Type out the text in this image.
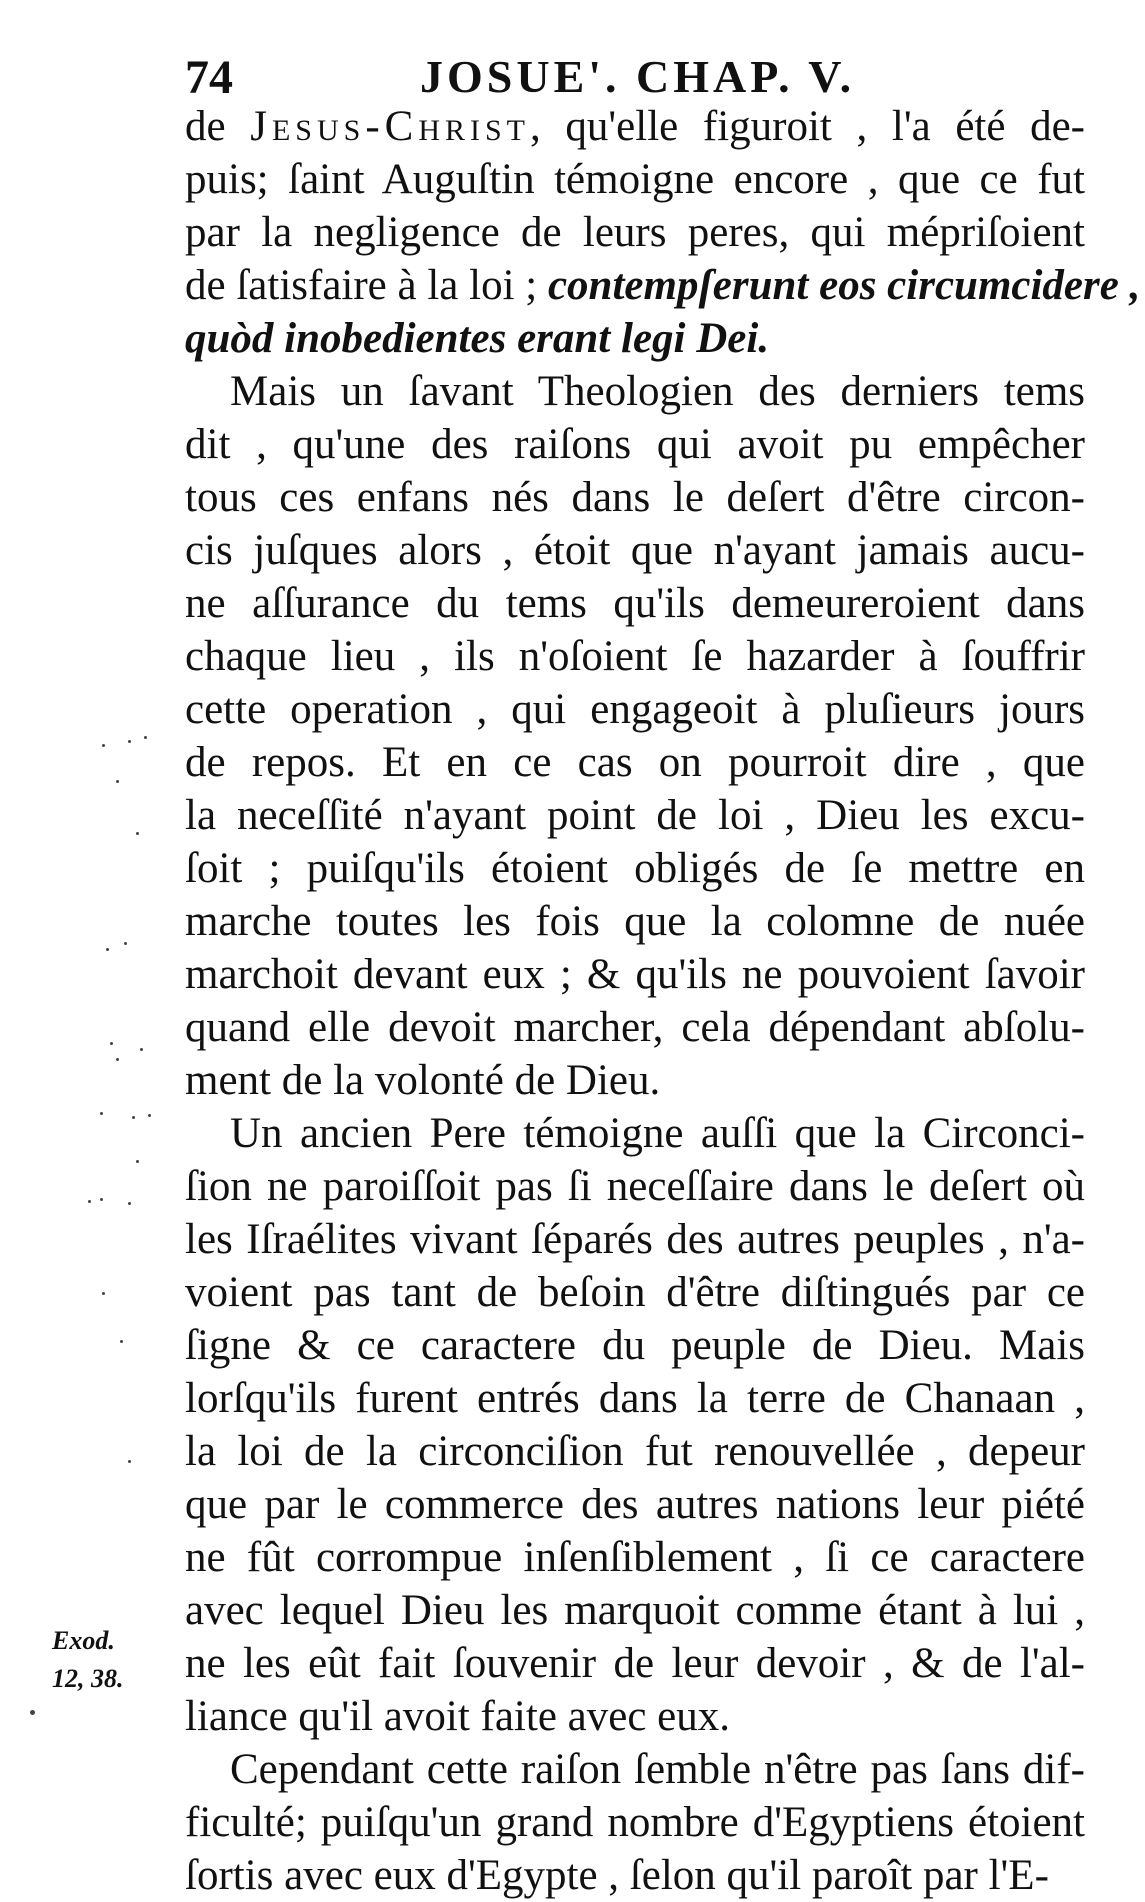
74	JOSUE'. CHAP. V.
de Jesus-Christ, qu'elle figuroit , l'a été de-
puis; ſaint Auguſtin témoigne encore , que ce fut
par la negligence de leurs peres, qui mépriſoient
de ſatisfaire à la loi ; contempſerunt eos circumcidere ,
quòd inobedientes erant legi Dei.
Mais un ſavant Theologien des derniers tems
dit , qu'une des raiſons qui avoit pu empêcher
tous ces enfans nés dans le deſert d'être circon-
cis juſques alors , étoit que n'ayant jamais aucu-
ne aſſurance du tems qu'ils demeureroient dans
chaque lieu , ils n'oſoient ſe hazarder à ſouffrir
cette operation , qui engageoit à pluſieurs jours
de repos. Et en ce cas on pourroit dire , que
la neceſſité n'ayant point de loi , Dieu les excu-
ſoit ; puiſqu'ils étoient obligés de ſe mettre en
marche toutes les fois que la colomne de nuée
marchoit devant eux ; & qu'ils ne pouvoient ſavoir
quand elle devoit marcher, cela dépendant abſolu-
ment de la volonté de Dieu.
Un ancien Pere témoigne auſſi que la Circonci-
ſion ne paroiſſoit pas ſi neceſſaire dans le deſert où
les Iſraélites vivant ſéparés des autres peuples , n'a-
voient pas tant de beſoin d'être diſtingués par ce
ſigne & ce caractere du peuple de Dieu. Mais
lorſqu'ils furent entrés dans la terre de Chanaan ,
la loi de la circonciſion fut renouvellée , depeur
que par le commerce des autres nations leur piété
ne fût corrompue inſenſiblement , ſi ce caractere
avec lequel Dieu les marquoit comme étant à lui ,
ne les eût fait ſouvenir de leur devoir , & de l'al-
liance qu'il avoit faite avec eux.
Cependant cette raiſon ſemble n'être pas ſans dif-
ficulté; puiſqu'un grand nombre d'Egyptiens étoient
ſortis avec eux d'Egypte , ſelon qu'il paroît par l'E-
Exod.
12, 38.
